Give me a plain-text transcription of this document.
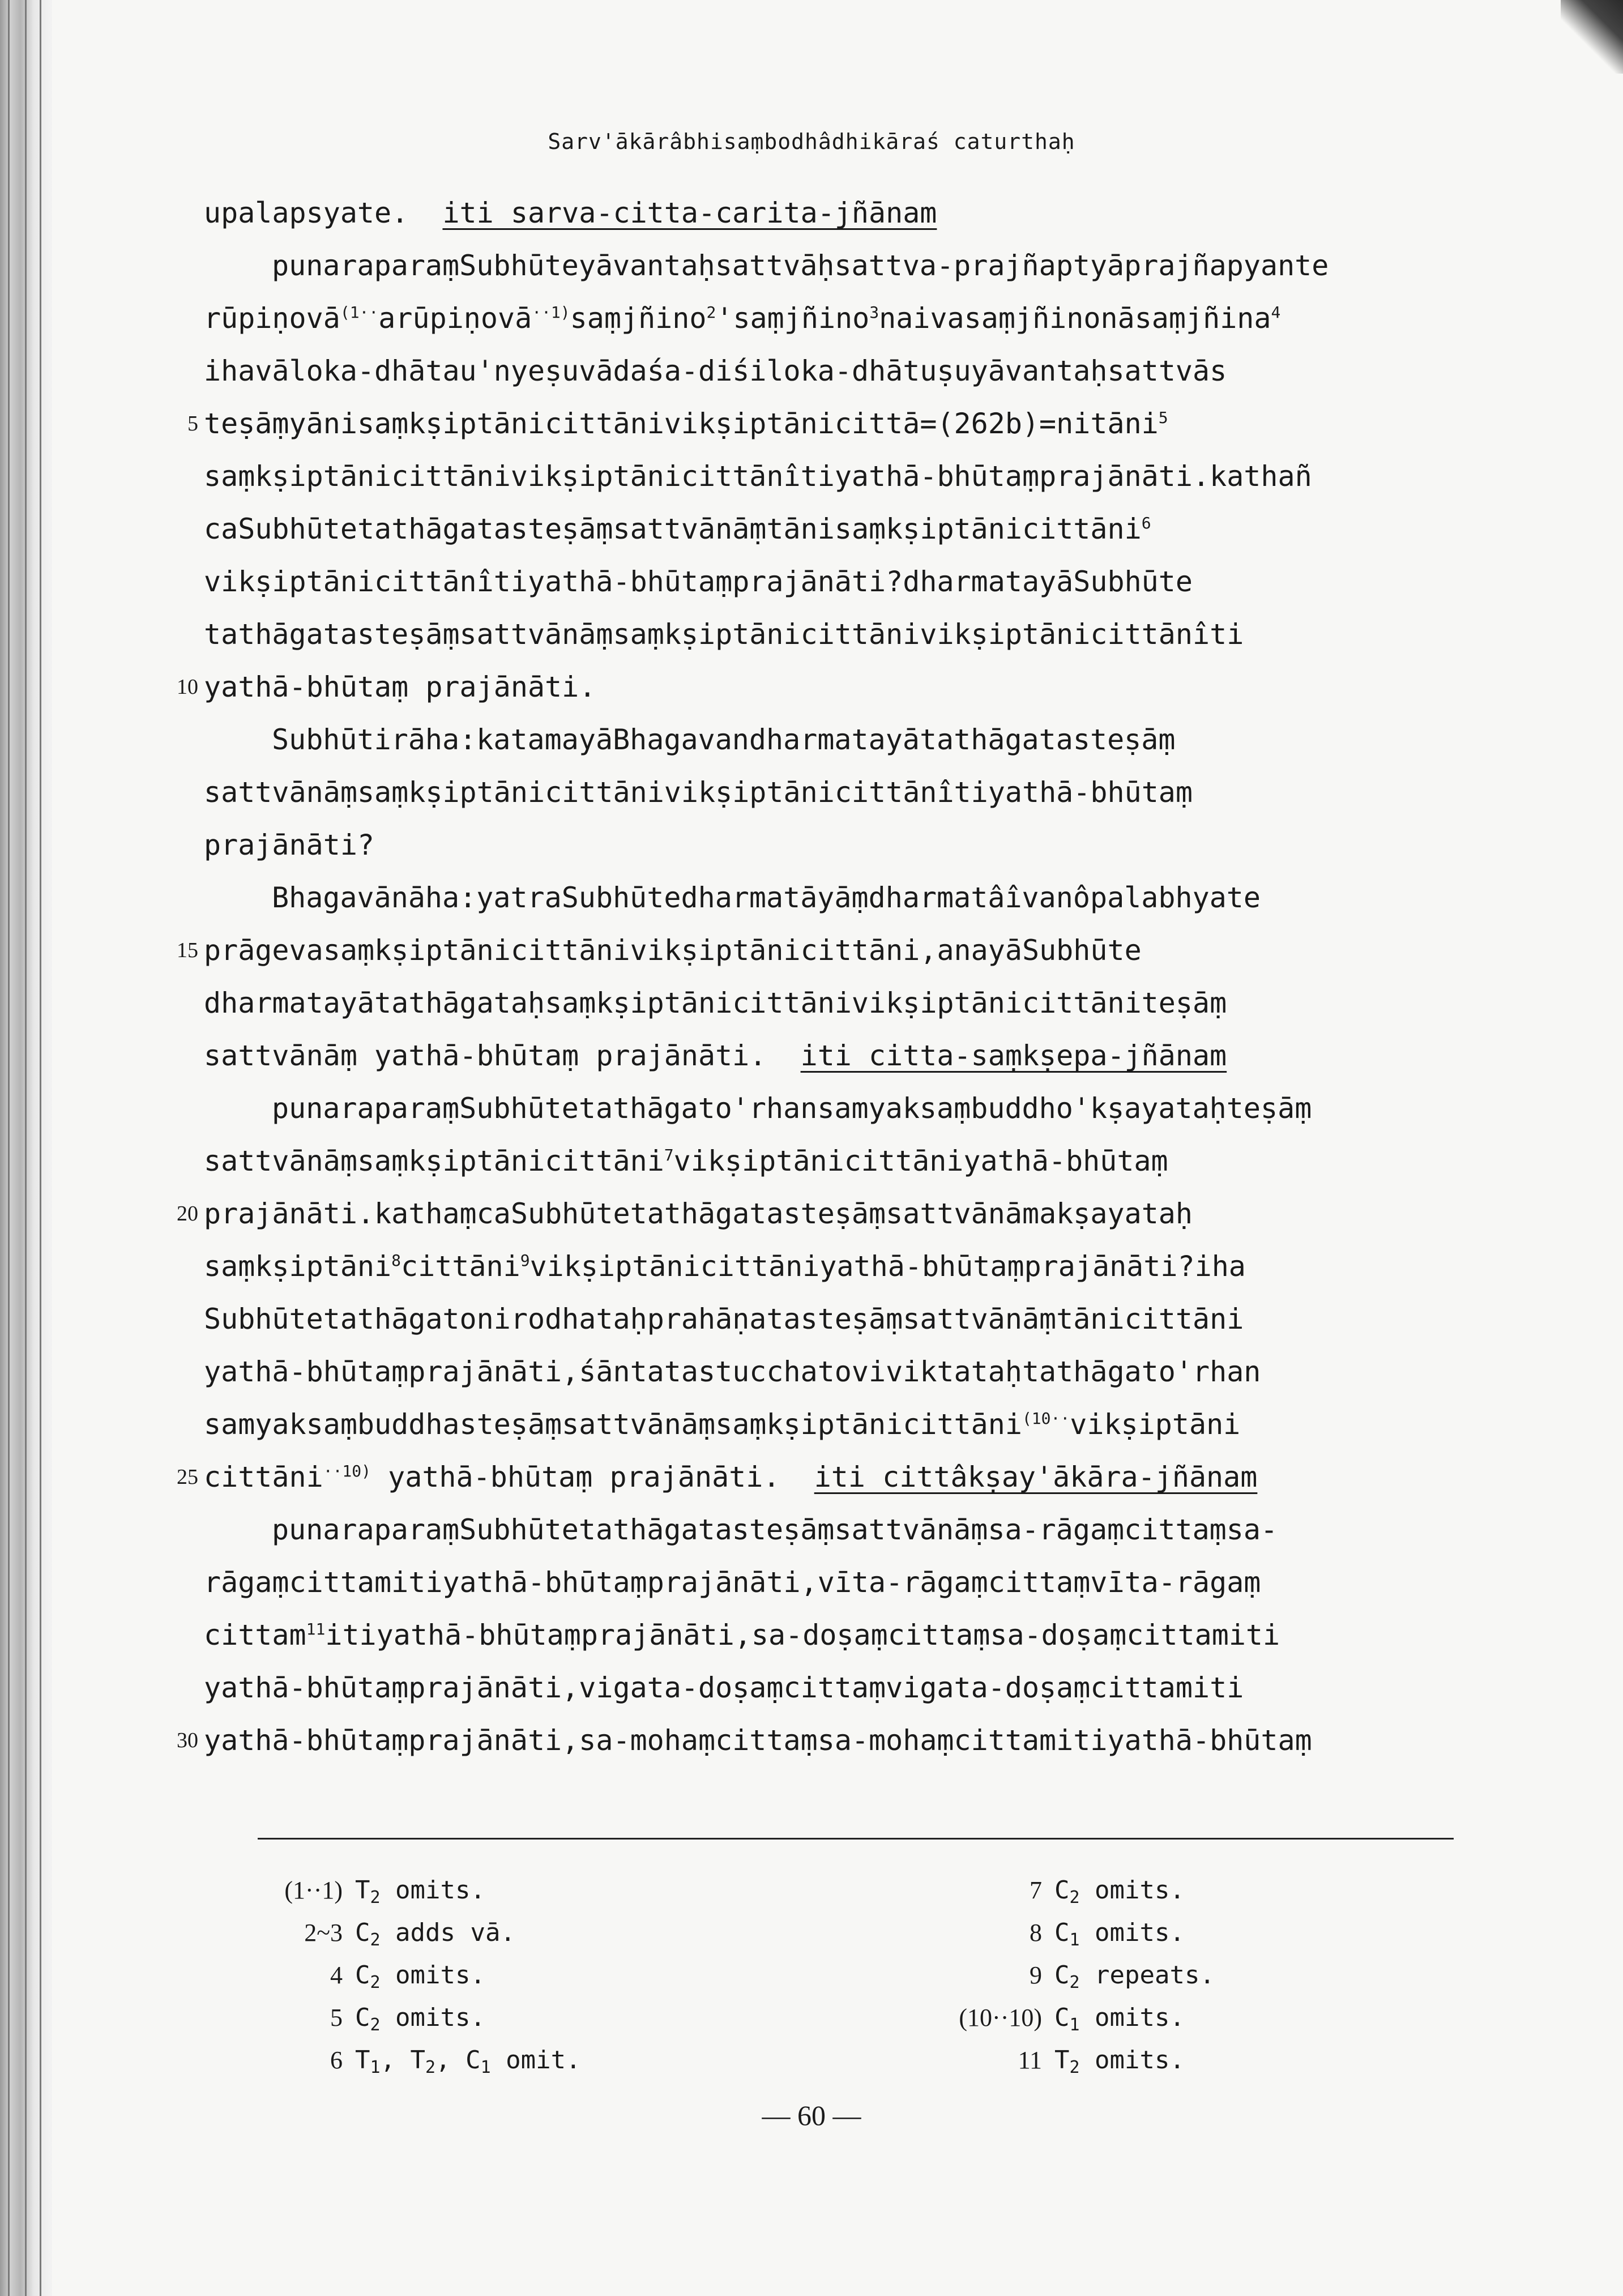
Sarv'ākārâbhisaṃbodhâdhikāraś caturthaḥ
upalapsyate.  iti sarva-citta-carita-jñānam
punaraparaṃSubhūteyāvantaḥsattvāḥsattva-prajñaptyāprajñapyante
rūpiṇovā$^{(1\cdot\cdot}$arūpiṇovā$^{\cdot\cdot 1)}$saṃjñino$^2$'saṃjñino$^3$naivasaṃjñinonāsaṃjñina$^4$
ihavāloka-dhātau'nyeṣuvādaśa-diśiloka-dhātuṣuyāvantaḥsattvās
5 teṣāṃyānisaṃkṣiptānicittānivikṣiptānicittā=(262b)=nitāni$^5$
saṃkṣiptānicittānivikṣiptānicittānîtiyathā-bhūtaṃprajānāti.kathañ
caSubhūtetathāgatasteṣāṃsattvānāṃtānisaṃkṣiptānicittāni$^6$
vikṣiptānicittānîtiyathā-bhūtaṃprajānāti?dharmatayāSubhūte
tathāgatasteṣāṃsattvānāṃsaṃkṣiptānicittānivikṣiptānicittānîti
10 yathā-bhūtaṃ prajānāti.
Subhūtirāha:katamayāBhagavandharmatayātathāgatasteṣāṃ
sattvānāṃsaṃkṣiptānicittānivikṣiptānicittānîtiyathā-bhūtaṃ
prajānāti?
Bhagavānāha:yatraSubhūtedharmatāyāṃdharmatâîvanôpalabhyate
15 prāgevasaṃkṣiptānicittānivikṣiptānicittāni,anayāSubhūte
dharmatayātathāgataḥsaṃkṣiptānicittānivikṣiptānicittāniteṣāṃ
sattvānāṃ yathā-bhūtaṃ prajānāti.  iti citta-saṃkṣepa-jñānam
punaraparaṃSubhūtetathāgato'rhansamyaksaṃbuddho'kṣayataḥteṣāṃ
sattvānāṃsaṃkṣiptānicittāni$^7$vikṣiptānicittāniyathā-bhūtaṃ
20 prajānāti.kathaṃcaSubhūtetathāgatasteṣāṃsattvānāmakṣayataḥ
saṃkṣiptāni$^8$cittāni$^9$vikṣiptānicittāniyathā-bhūtaṃprajānāti?iha
Subhūtetathāgatonirodhataḥprahāṇatasteṣāṃsattvānāṃtānicittāni
yathā-bhūtaṃprajānāti,śāntatastucchatoviviktataḥtathāgato'rhan
samyaksaṃbuddhasteṣāṃsattvānāṃsaṃkṣiptānicittāni$^{(10\cdot\cdot}$vikṣiptāni
25 cittāni$^{\cdot\cdot 10)}$ yathā-bhūtaṃ prajānāti.  iti cittâkṣay'ākāra-jñānam
punaraparaṃSubhūtetathāgatasteṣāṃsattvānāṃsa-rāgaṃcittaṃsa-
rāgaṃcittamitiyathā-bhūtaṃprajānāti,vīta-rāgaṃcittaṃvīta-rāgaṃ
cittam$^{11}$itiyathā-bhūtaṃprajānāti,sa-doṣaṃcittaṃsa-doṣaṃcittamiti
yathā-bhūtaṃprajānāti,vigata-doṣaṃcittaṃvigata-doṣaṃcittamiti
30 yathā-bhūtaṃprajānāti,sa-mohaṃcittaṃsa-mohaṃcittamitiyathā-bhūtaṃ
(1··1) $T_2$ omits.
2~3 $C_2$ adds vā.
4 $C_2$ omits.
5 $C_2$ omits.
6 $T_1$, $T_2$, $C_1$ omit.
7 $C_2$ omits.
8 $C_1$ omits.
9 $C_2$ repeats.
(10··10) $C_1$ omits.
11 $T_2$ omits.
— 60 —
